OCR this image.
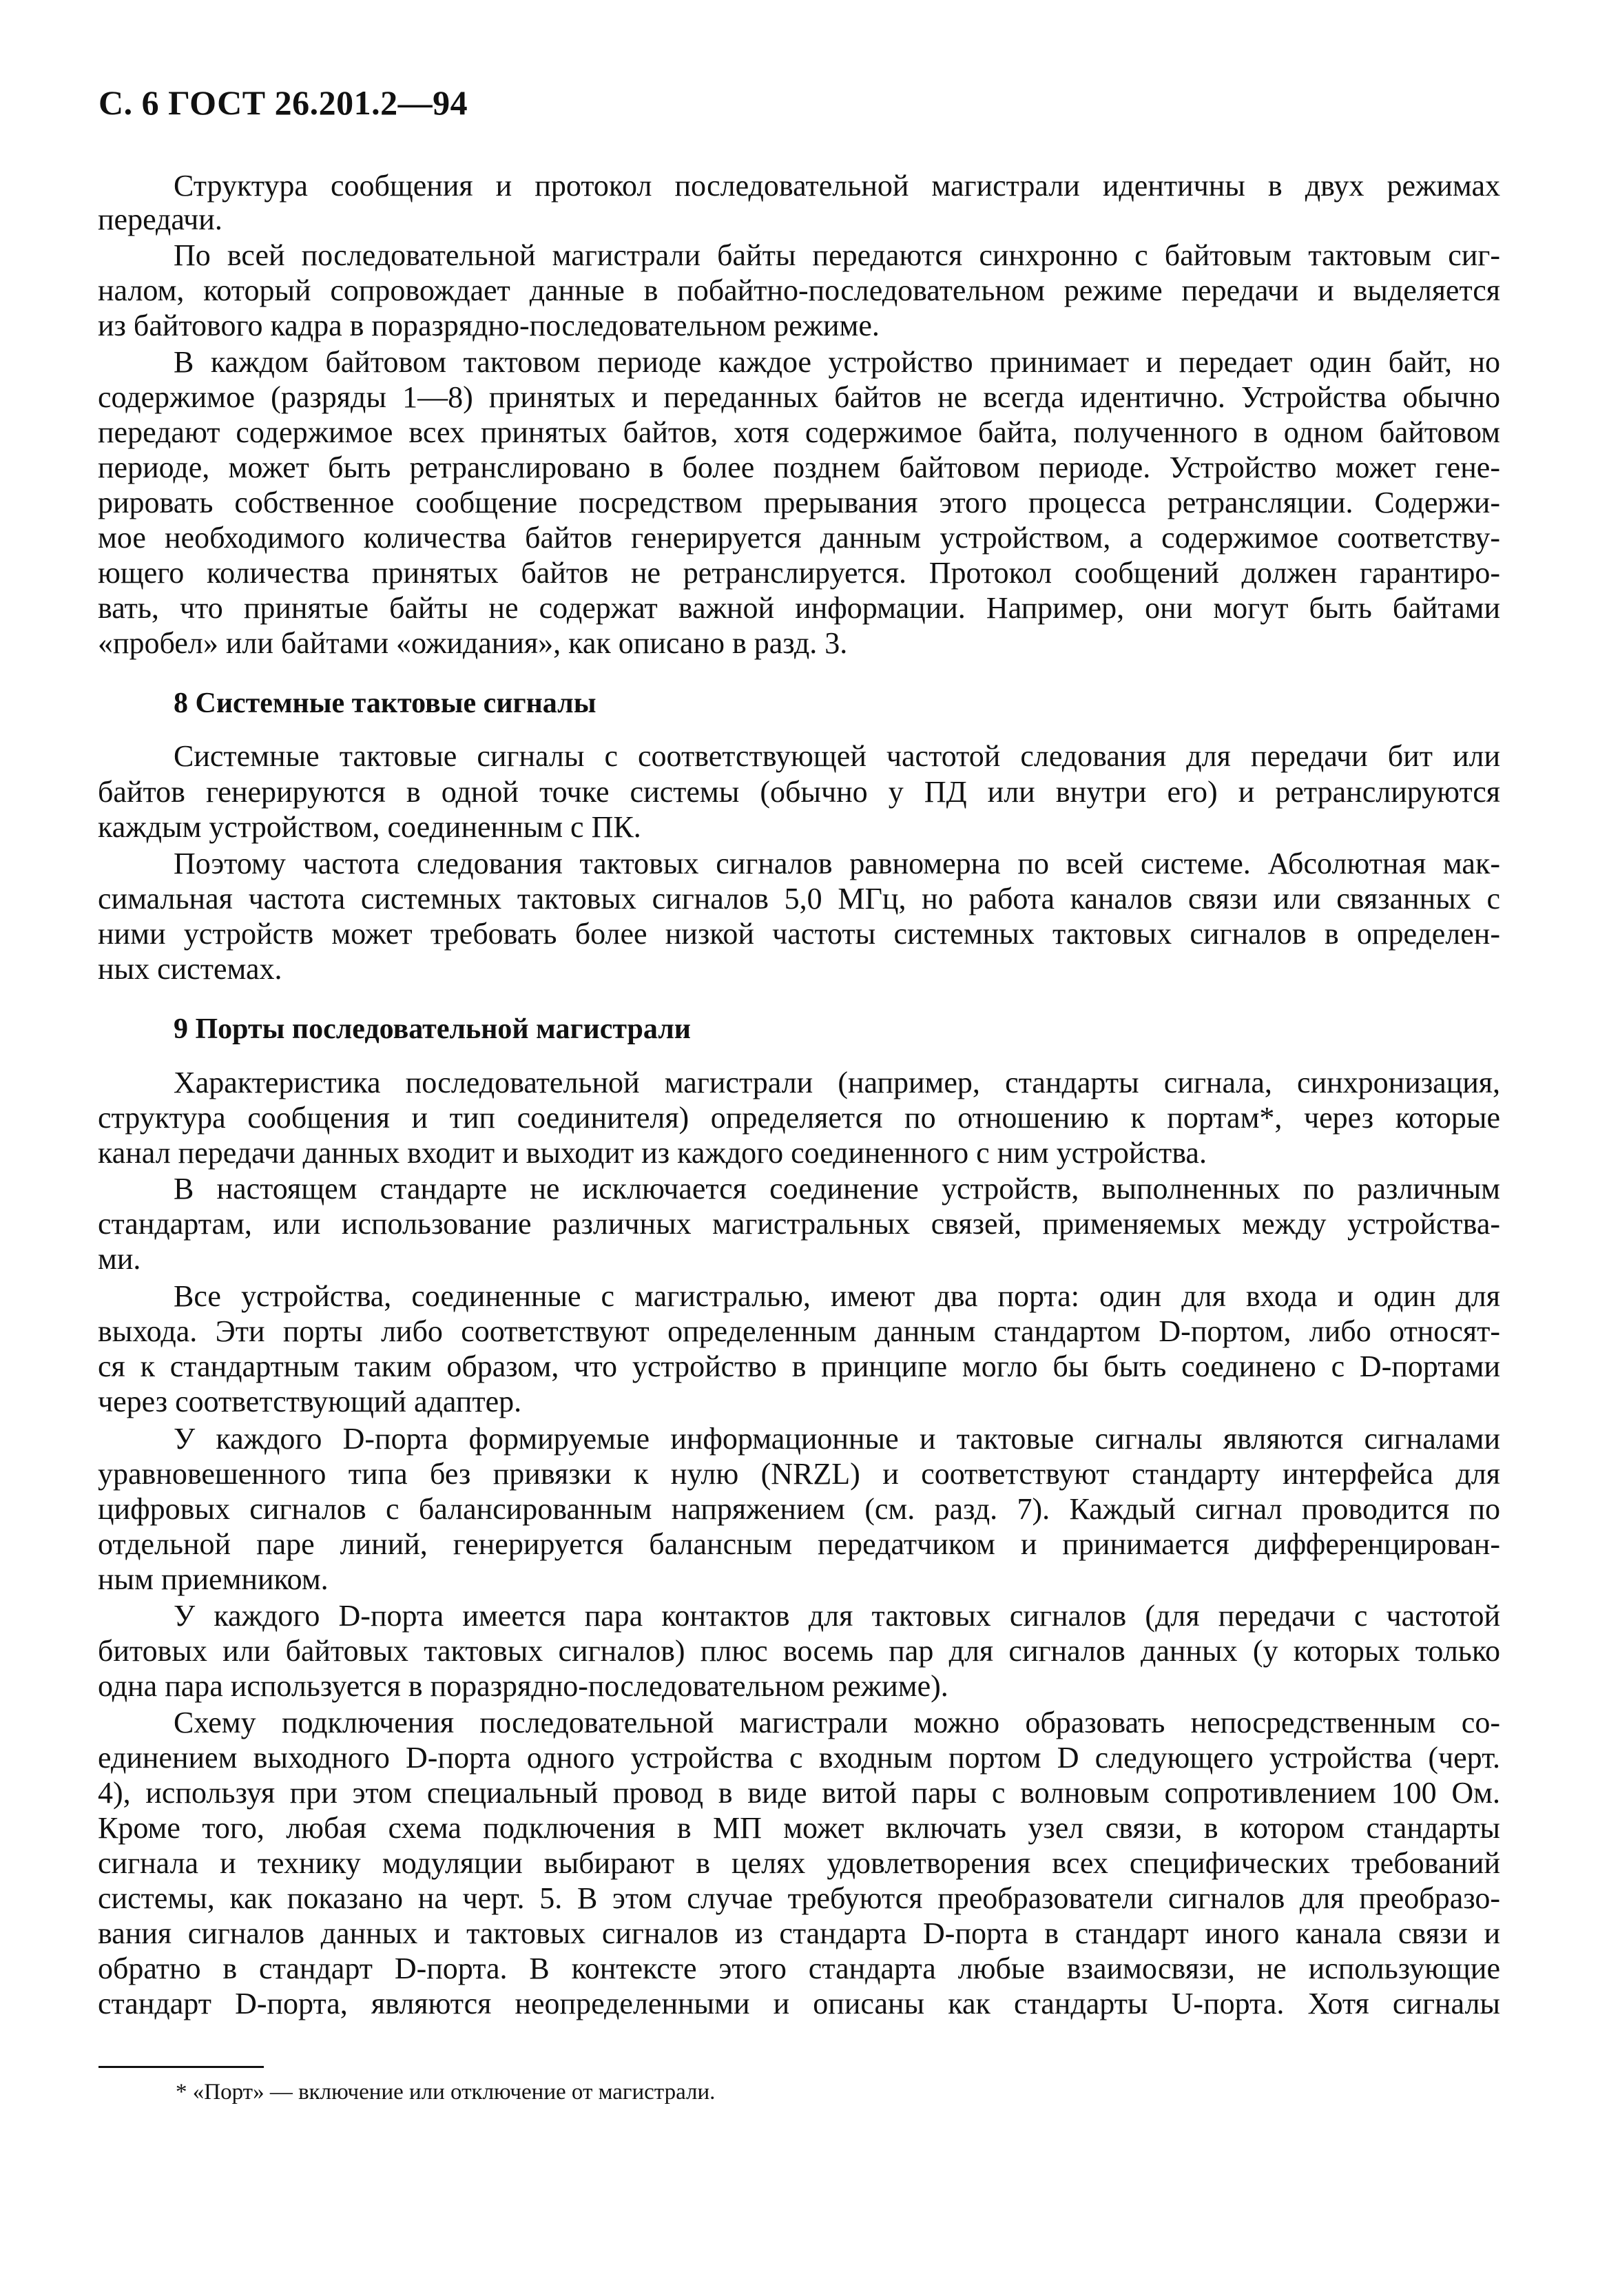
С. 6 ГОСТ 26.201.2—94
Структура сообщения и протокол последовательной магистрали идентичны в двух режимах
передачи.
По всей последовательной магистрали байты передаются синхронно с байтовым тактовым сиг-
налом, который сопровождает данные в побайтно-последовательном режиме передачи и выделяется
из байтового кадра в поразрядно-последовательном режиме.
В каждом байтовом тактовом периоде каждое устройство принимает и передает один байт, но
содержимое (разряды 1—8) принятых и переданных байтов не всегда идентично. Устройства обычно
передают содержимое всех принятых байтов, хотя содержимое байта, полученного в одном байтовом
периоде, может быть ретранслировано в более позднем байтовом периоде. Устройство может гене-
рировать собственное сообщение посредством прерывания этого процесса ретрансляции. Содержи-
мое необходимого количества байтов генерируется данным устройством, а содержимое соответству-
ющего количества принятых байтов не ретранслируется. Протокол сообщений должен гарантиро-
вать, что принятые байты не содержат важной информации. Например, они могут быть байтами
«пробел» или байтами «ожидания», как описано в разд. 3.
8 Системные тактовые сигналы
Системные тактовые сигналы с соответствующей частотой следования для передачи бит или
байтов генерируются в одной точке системы (обычно у ПД или внутри его) и ретранслируются
каждым устройством, соединенным с ПК.
Поэтому частота следования тактовых сигналов равномерна по всей системе. Абсолютная мак-
симальная частота системных тактовых сигналов 5,0 МГц, но работа каналов связи или связанных с
ними устройств может требовать более низкой частоты системных тактовых сигналов в определен-
ных системах.
9 Порты последовательной магистрали
Характеристика последовательной магистрали (например, стандарты сигнала, синхронизация,
структура сообщения и тип соединителя) определяется по отношению к портам*, через которые
канал передачи данных входит и выходит из каждого соединенного с ним устройства.
В настоящем стандарте не исключается соединение устройств, выполненных по различным
стандартам, или использование различных магистральных связей, применяемых между устройства-
ми.
Все устройства, соединенные с магистралью, имеют два порта: один для входа и один для
выхода. Эти порты либо соответствуют определенным данным стандартом D-портом, либо относят-
ся к стандартным таким образом, что устройство в принципе могло бы быть соединено с D-портами
через соответствующий адаптер.
У каждого D-порта формируемые информационные и тактовые сигналы являются сигналами
уравновешенного типа без привязки к нулю (NRZL) и соответствуют стандарту интерфейса для
цифровых сигналов с балансированным напряжением (см. разд. 7). Каждый сигнал проводится по
отдельной паре линий, генерируется балансным передатчиком и принимается дифференцирован-
ным приемником.
У каждого D-порта имеется пара контактов для тактовых сигналов (для передачи с частотой
битовых или байтовых тактовых сигналов) плюс восемь пар для сигналов данных (у которых только
одна пара используется в поразрядно-последовательном режиме).
Схему подключения последовательной магистрали можно образовать непосредственным со-
единением выходного D-порта одного устройства с входным портом D следующего устройства (черт.
4), используя при этом специальный провод в виде витой пары с волновым сопротивлением 100 Ом.
Кроме того, любая схема подключения в МП может включать узел связи, в котором стандарты
сигнала и технику модуляции выбирают в целях удовлетворения всех специфических требований
системы, как показано на черт. 5. В этом случае требуются преобразователи сигналов для преобразо-
вания сигналов данных и тактовых сигналов из стандарта D-порта в стандарт иного канала связи и
обратно в стандарт D-порта. В контексте этого стандарта любые взаимосвязи, не использующие
стандарт D-порта, являются неопределенными и описаны как стандарты U-порта. Хотя сигналы
* «Порт» — включение или отключение от магистрали.
